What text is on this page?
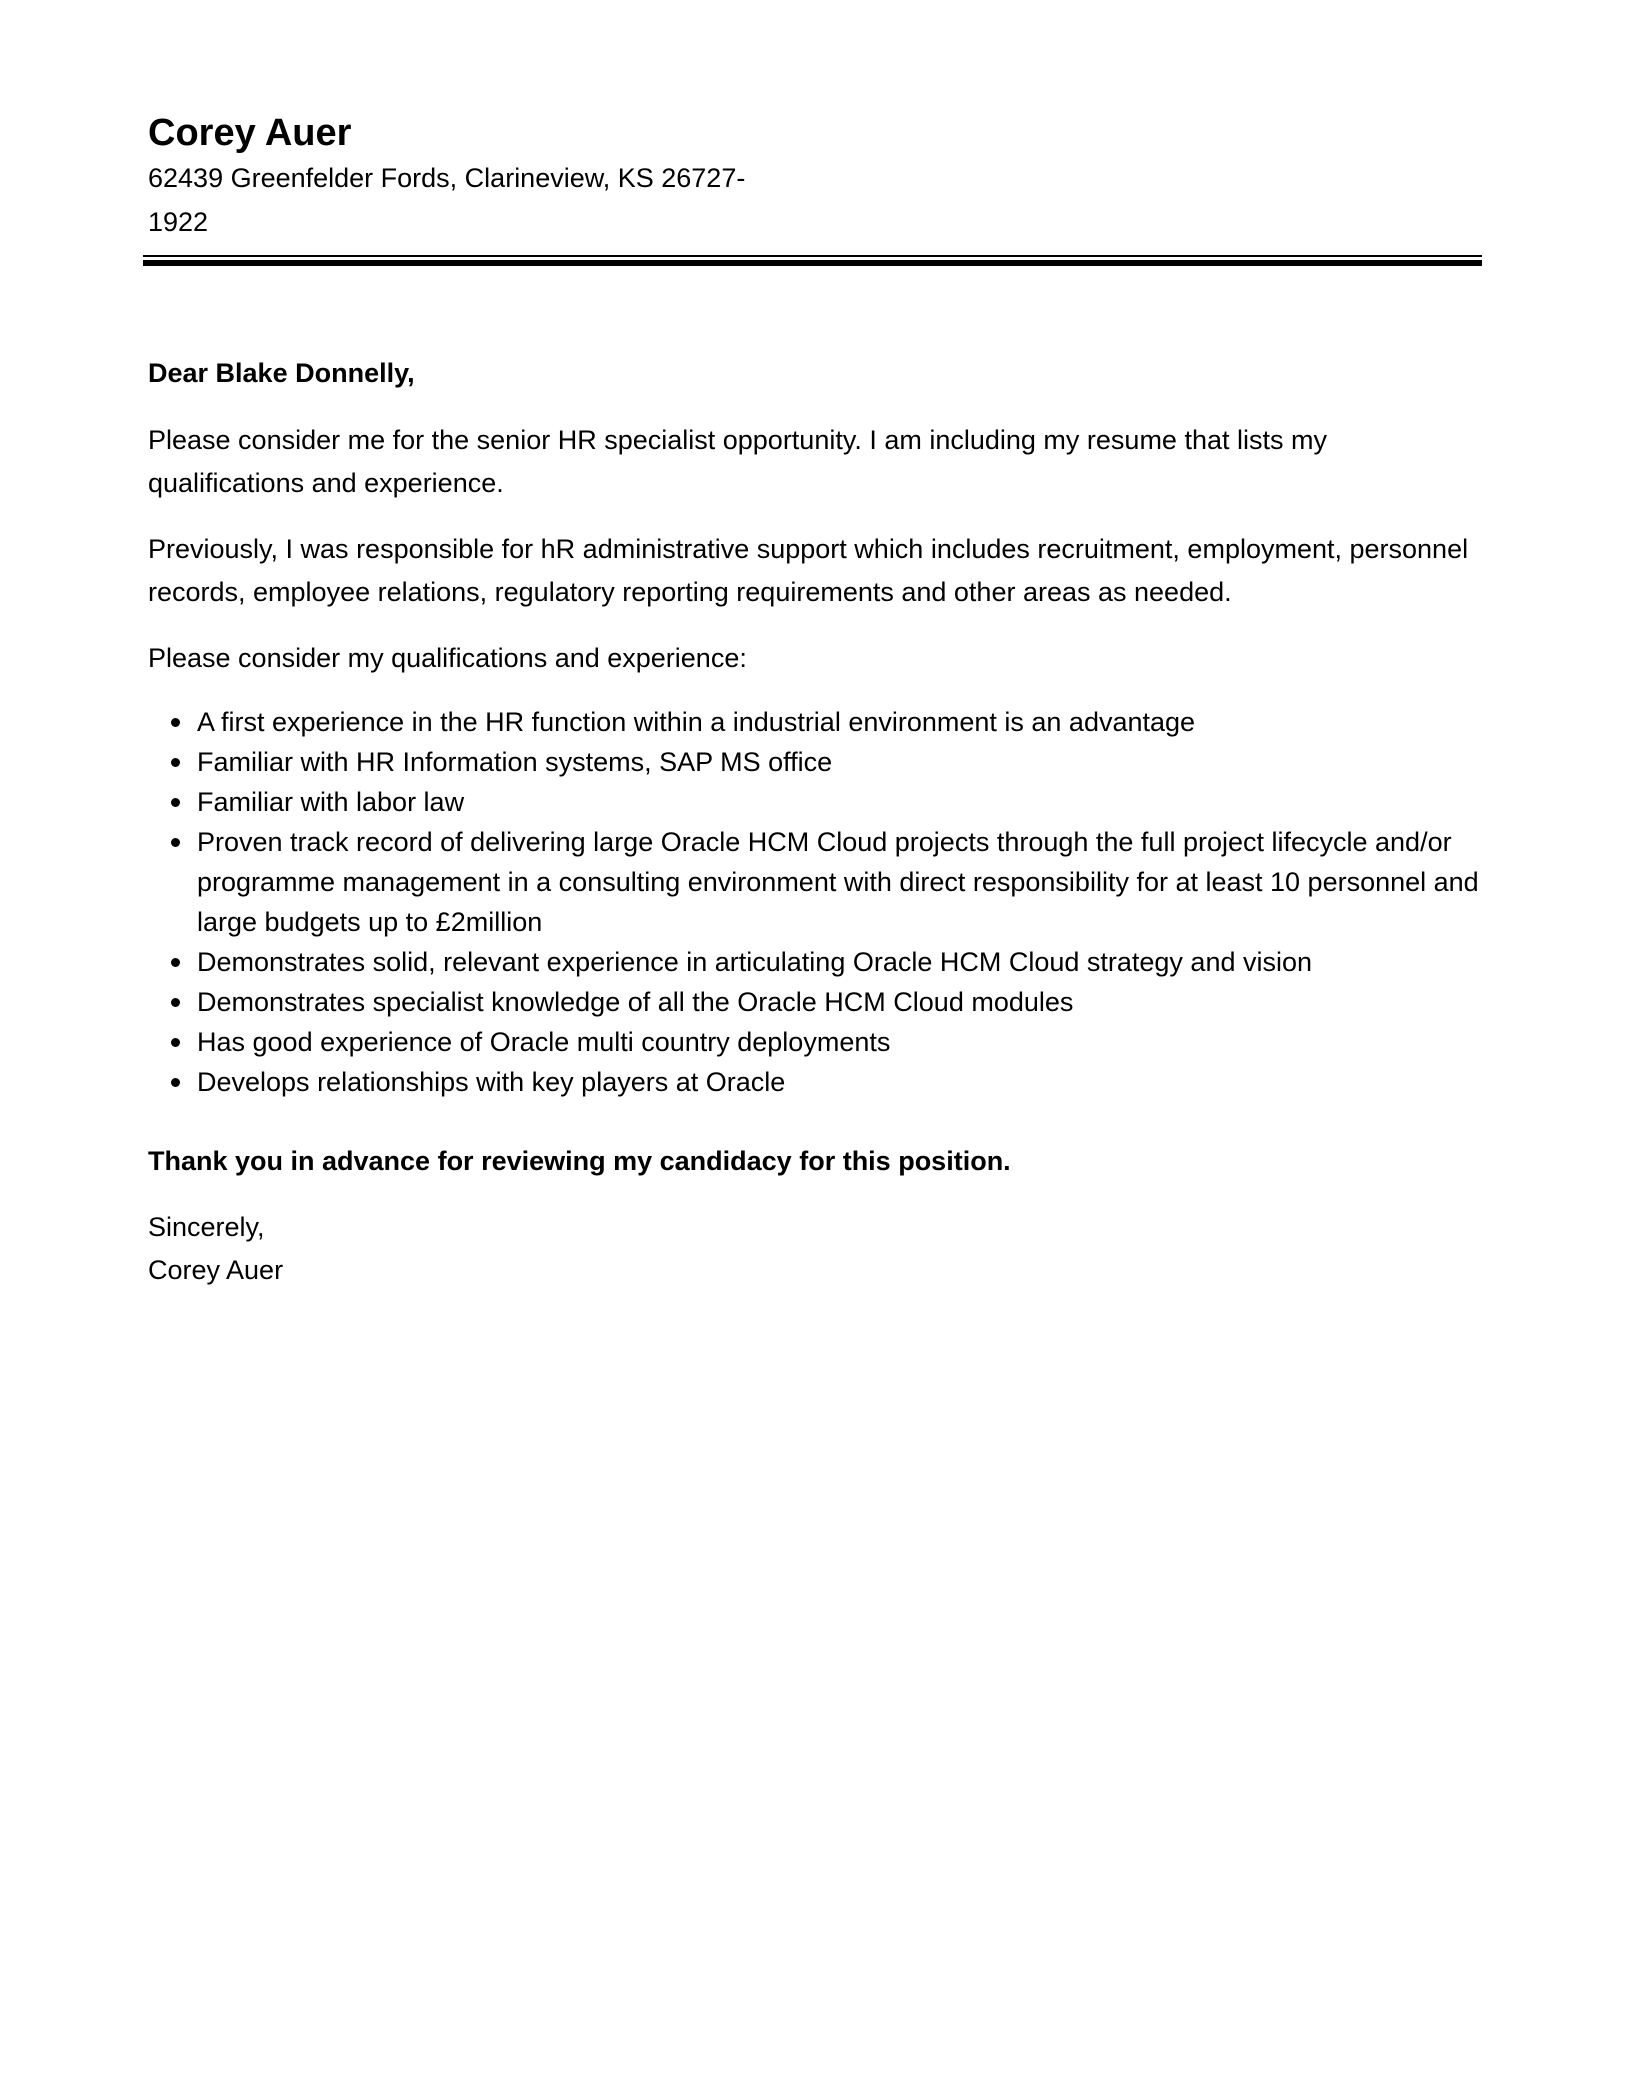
Corey Auer

62439 Greenfelder Fords, Clarineview, KS 26727-1922

Dear Blake Donnelly,

Please consider me for the senior HR specialist opportunity. I am including my resume that lists my qualifications and experience.

Previously, I was responsible for hR administrative support which includes recruitment, employment, personnel records, employee relations, regulatory reporting requirements and other areas as needed.

Please consider my qualifications and experience:

A first experience in the HR function within a industrial environment is an advantage
Familiar with HR Information systems, SAP MS office
Familiar with labor law
Proven track record of delivering large Oracle HCM Cloud projects through the full project lifecycle and/or programme management in a consulting environment with direct responsibility for at least 10 personnel and large budgets up to £2million
Demonstrates solid, relevant experience in articulating Oracle HCM Cloud strategy and vision
Demonstrates specialist knowledge of all the Oracle HCM Cloud modules
Has good experience of Oracle multi country deployments
Develops relationships with key players at Oracle

Thank you in advance for reviewing my candidacy for this position.

Sincerely,

Corey Auer
